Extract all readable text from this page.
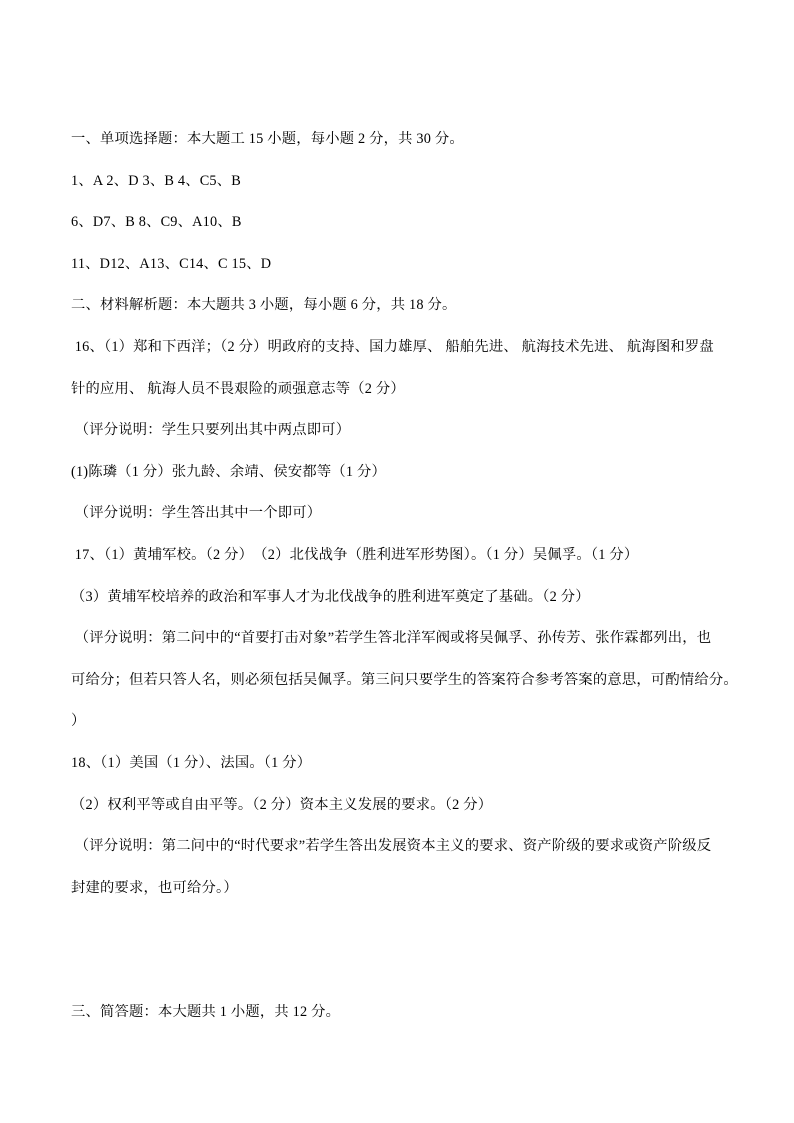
一、单项选择题：本大题工 15 小题，每小题 2 分，共 30 分。
1、A 2、D 3、B 4、C5、B
6、D7、B 8、C9、A10、B
11、D12、A13、C14、C 15、D
二、材料解析题：本大题共 3 小题，每小题 6 分，共 18 分。
16、（1）郑和下西洋；（2 分）明政府的支持、国力雄厚、 船舶先进、 航海技术先进、 航海图和罗盘
针的应用、 航海人员不畏艰险的顽强意志等（2 分）
（评分说明：学生只要列出其中两点即可）
(1)陈璘（1 分）张九龄、余靖、侯安都等（1 分）
（评分说明：学生答出其中一个即可）
17、（1）黄埔军校。（2 分）　（2）北伐战争（胜利进军形势图）。（1 分）吴佩孚。（1 分）
（3）黄埔军校培养的政治和军事人才为北伐战争的胜利进军奠定了基础。（2 分）
（评分说明：第二问中的“首要打击对象”若学生答北洋军阀或将吴佩孚、孙传芳、张作霖都列出，也
可给分；但若只答人名，则必须包括吴佩孚。第三问只要学生的答案符合参考答案的意思，可酌情给分。
）
18、（1）美国（1 分）、法国。（1 分）
（2）权利平等或自由平等。（2 分）资本主义发展的要求。（2 分）
（评分说明：第二问中的“时代要求”若学生答出发展资本主义的要求、资产阶级的要求或资产阶级反
封建的要求，也可给分。）
三、简答题：本大题共 1 小题，共 12 分。
